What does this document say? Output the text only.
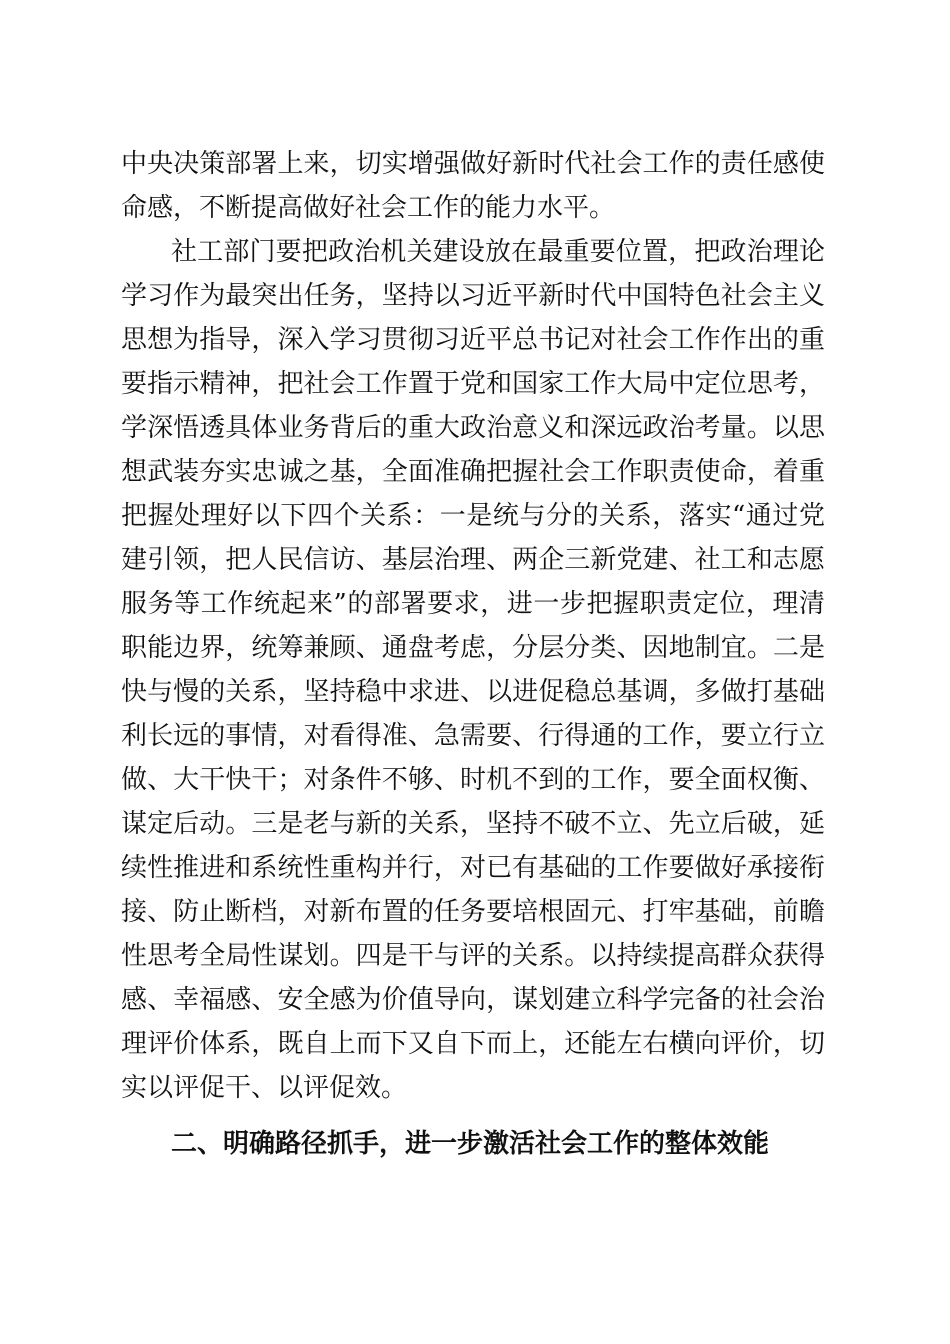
中央决策部署上来，切实增强做好新时代社会工作的责任感使
命感，不断提高做好社会工作的能力水平。
社工部门要把政治机关建设放在最重要位置，把政治理论
学习作为最突出任务，坚持以习近平新时代中国特色社会主义
思想为指导，深入学习贯彻习近平总书记对社会工作作出的重
要指示精神，把社会工作置于党和国家工作大局中定位思考，
学深悟透具体业务背后的重大政治意义和深远政治考量。以思
想武装夯实忠诚之基，全面准确把握社会工作职责使命，着重
把握处理好以下四个关系：一是统与分的关系，落实“通过党
建引领，把人民信访、基层治理、两企三新党建、社工和志愿
服务等工作统起来”的部署要求，进一步把握职责定位，理清
职能边界，统筹兼顾、通盘考虑，分层分类、因地制宜。二是
快与慢的关系，坚持稳中求进、以进促稳总基调，多做打基础
利长远的事情，对看得准、急需要、行得通的工作，要立行立
做、大干快干；对条件不够、时机不到的工作，要全面权衡、
谋定后动。三是老与新的关系，坚持不破不立、先立后破，延
续性推进和系统性重构并行，对已有基础的工作要做好承接衔
接、防止断档，对新布置的任务要培根固元、打牢基础，前瞻
性思考全局性谋划。四是干与评的关系。以持续提高群众获得
感、幸福感、安全感为价值导向，谋划建立科学完备的社会治
理评价体系，既自上而下又自下而上，还能左右横向评价，切
实以评促干、以评促效。
二、明确路径抓手，进一步激活社会工作的整体效能
